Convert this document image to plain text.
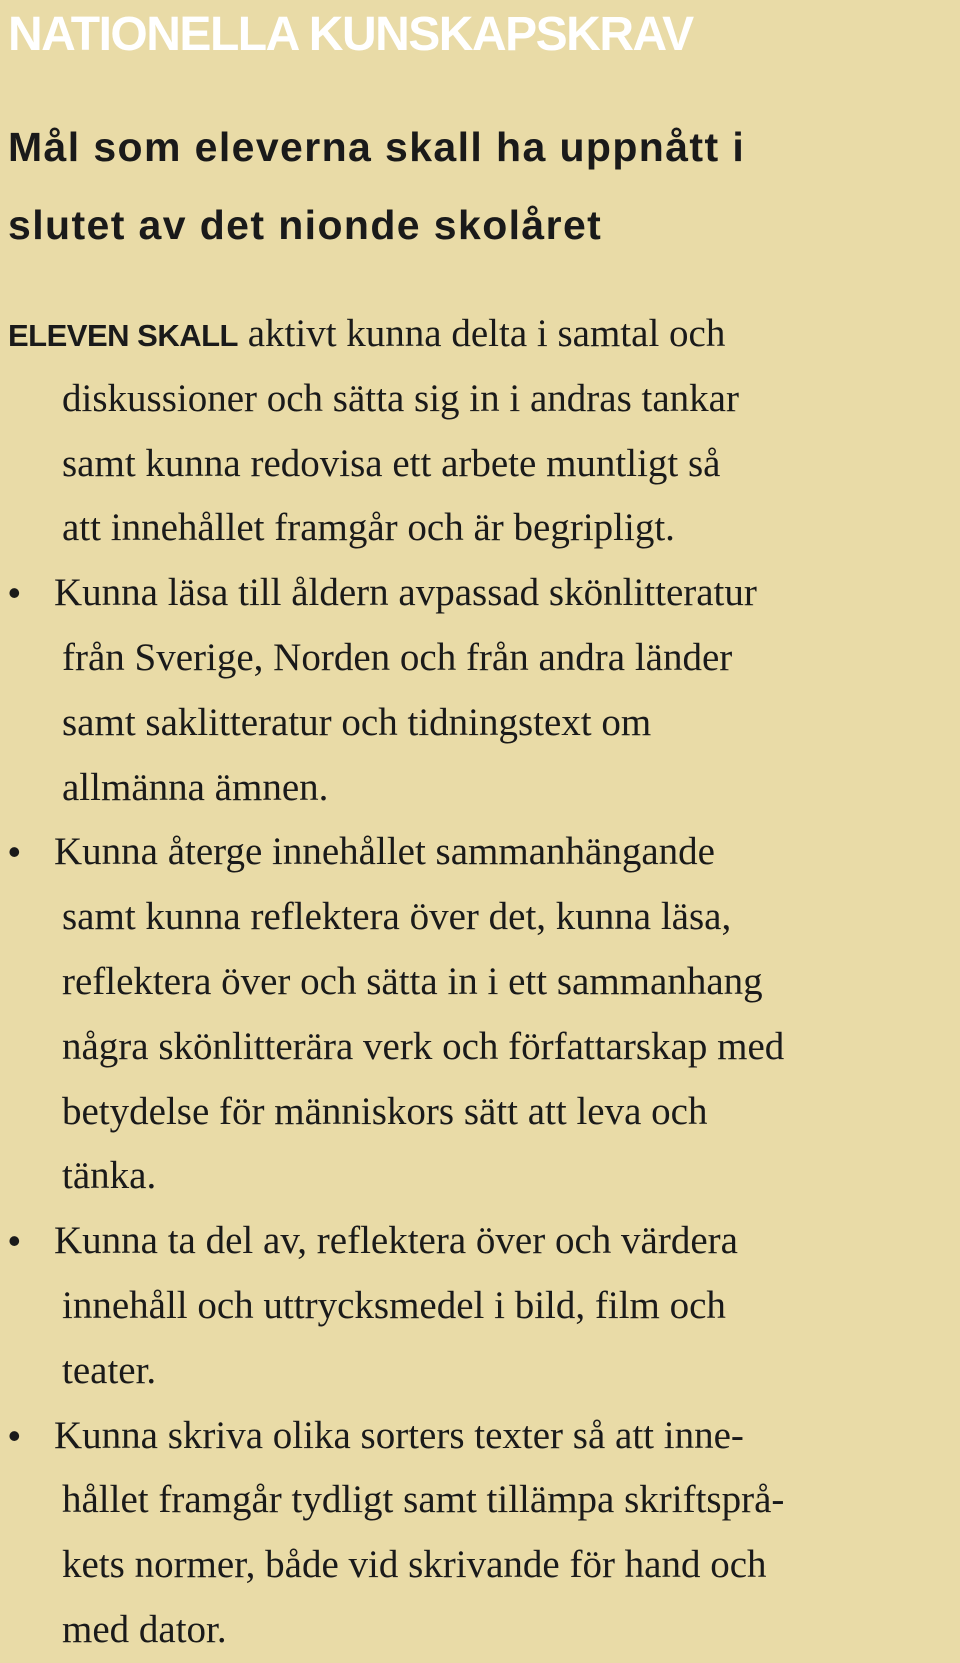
NATIONELLA KUNSKAPSKRAV
Mål som eleverna skall ha uppnått i
slutet av det nionde skolåret
ELEVEN SKALL aktivt kunna delta i samtal och
diskussioner och sätta sig in i andras tankar
samt kunna redovisa ett arbete muntligt så
att innehållet framgår och är begripligt.
• Kunna läsa till åldern avpassad skönlitteratur
från Sverige, Norden och från andra länder
samt saklitteratur och tidningstext om
allmänna ämnen.
• Kunna återge innehållet sammanhängande
samt kunna reflektera över det, kunna läsa,
reflektera över och sätta in i ett sammanhang
några skönlitterära verk och författarskap med
betydelse för människors sätt att leva och
tänka.
• Kunna ta del av, reflektera över och värdera
innehåll och uttrycksmedel i bild, film och
teater.
• Kunna skriva olika sorters texter så att inne-
hållet framgår tydligt samt tillämpa skriftsprå-
kets normer, både vid skrivande för hand och
med dator.
